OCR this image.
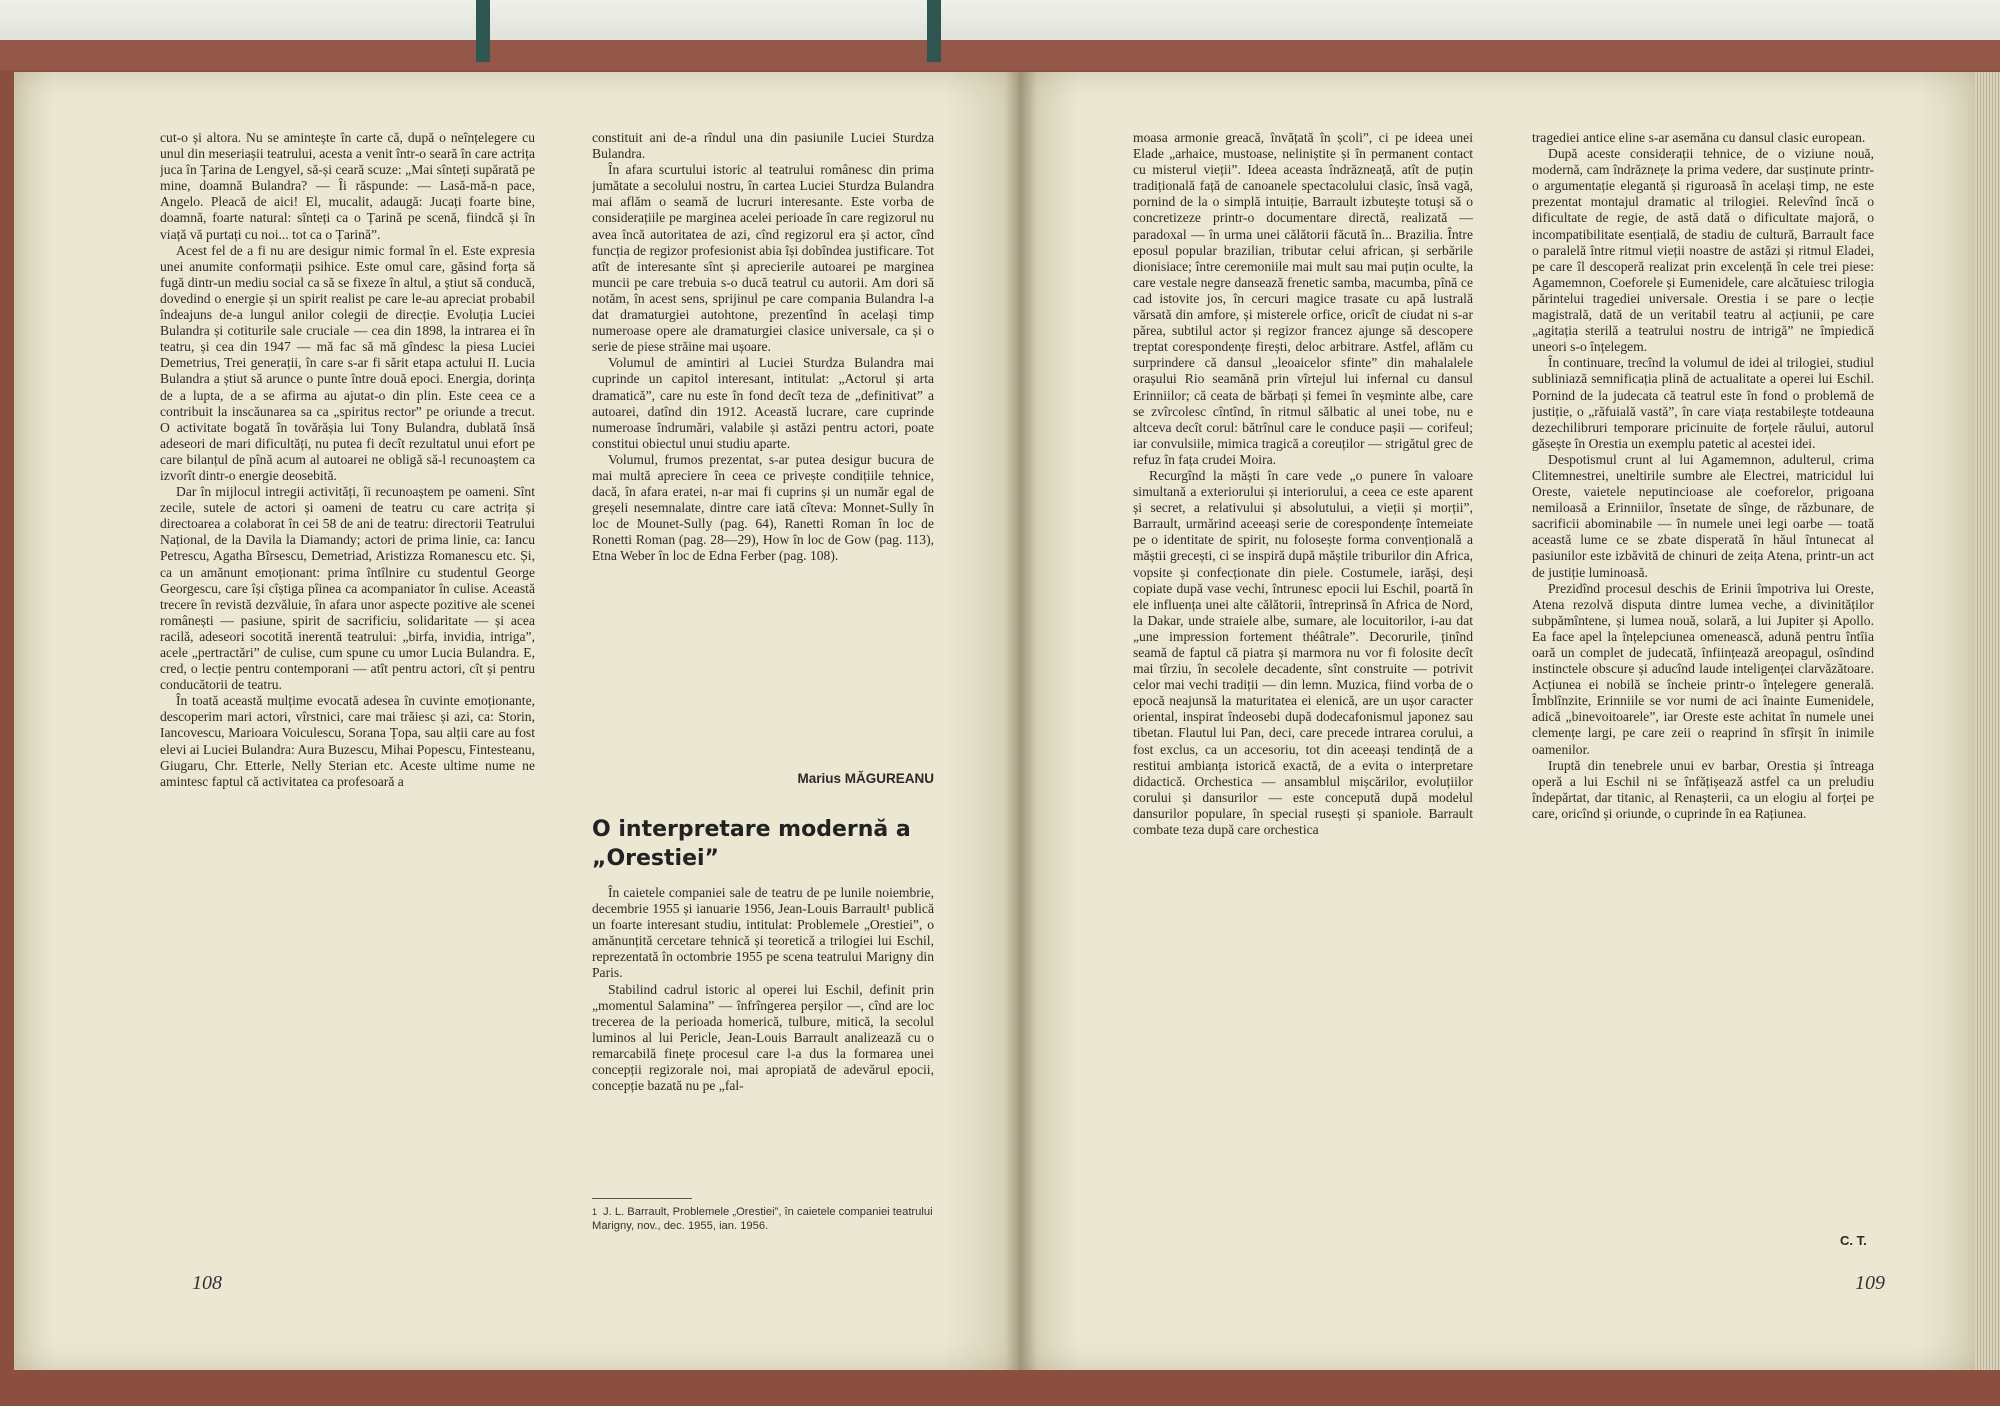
cut-o și altora. Nu se amintește în carte că, după o neînțelegere cu unul din meseriașii teatrului, acesta a venit într-o seară în care actrița juca în Țarina de Lengyel, să-și ceară scuze: „Mai sînteți supărată pe mine, doamnă Bulandra? — Îi răspunde: — Lasă-mă-n pace, Angelo. Pleacă de aici! El, mucalit, adaugă: Jucați foarte bine, doamnă, foarte natural: sînteți ca o Țarină pe scenă, fiindcă și în viață vă purtați cu noi... tot ca o Țarină”.

Acest fel de a fi nu are desigur nimic formal în el. Este expresia unei anumite conformații psihice. Este omul care, găsind forța să fugă dintr-un mediu social ca să se fixeze în altul, a știut să conducă, dovedind o energie și un spirit realist pe care le-au apreciat probabil îndeajuns de-a lungul anilor colegii de direcție. Evoluția Luciei Bulandra și cotiturile sale cruciale — cea din 1898, la intrarea ei în teatru, și cea din 1947 — mă fac să mă gîndesc la piesa Luciei Demetrius, Trei generații, în care s-ar fi sărit etapa actului II. Lucia Bulandra a știut să arunce o punte între două epoci. Energia, dorința de a lupta, de a se afirma au ajutat-o din plin. Este ceea ce a contribuit la inscăunarea sa ca „spiritus rector” pe oriunde a trecut. O activitate bogată în tovărășia lui Tony Bulandra, dublată însă adeseori de mari dificultăți, nu putea fi decît rezultatul unui efort pe care bilanțul de pînă acum al autoarei ne obligă să-l recunoaștem ca izvorît dintr-o energie deosebită.

Dar în mijlocul intregii activități, îi recunoaștem pe oameni. Sînt zecile, sutele de actori și oameni de teatru cu care actrița și directoarea a colaborat în cei 58 de ani de teatru: directorii Teatrului Național, de la Davila la Diamandy; actori de prima linie, ca: Iancu Petrescu, Agatha Bîrsescu, Demetriad, Aristizza Romanescu etc. Și, ca un amănunt emoționant: prima întîlnire cu studentul George Georgescu, care își cîștiga pîinea ca acompaniator în culise. Această trecere în revistă dezvăluie, în afara unor aspecte pozitive ale scenei românești — pasiune, spirit de sacrificiu, solidaritate — și acea racilă, adeseori socotită inerentă teatrului: „birfa, invidia, intriga”, acele „pertractări” de culise, cum spune cu umor Lucia Bulandra. E, cred, o lecție pentru contemporani — atît pentru actori, cît și pentru conducătorii de teatru.

În toată această mulțime evocată adesea în cuvinte emoționante, descoperim mari actori, vîrstnici, care mai trăiesc și azi, ca: Storin, Iancovescu, Marioara Voiculescu, Sorana Țopa, sau alții care au fost elevi ai Luciei Bulandra: Aura Buzescu, Mihai Popescu, Fintesteanu, Giugaru, Chr. Etterle, Nelly Sterian etc. Aceste ultime nume ne amintesc faptul că activitatea ca profesoară a

constituit ani de-a rîndul una din pasiunile Luciei Sturdza Bulandra.

În afara scurtului istoric al teatrului românesc din prima jumătate a secolului nostru, în cartea Luciei Sturdza Bulandra mai aflăm o seamă de lucruri interesante. Este vorba de considerațiile pe marginea acelei perioade în care regizorul nu avea încă autoritatea de azi, cînd regizorul era și actor, cînd funcția de regizor profesionist abia își dobîndea justificare. Tot atît de interesante sînt și aprecierile autoarei pe marginea muncii pe care trebuia s-o ducă teatrul cu autorii. Am dori să notăm, în acest sens, sprijinul pe care compania Bulandra l-a dat dramaturgiei autohtone, prezentînd în același timp numeroase opere ale dramaturgiei clasice universale, ca și o serie de piese străine mai ușoare.

Volumul de amintiri al Luciei Sturdza Bulandra mai cuprinde un capitol interesant, intitulat: „Actorul și arta dramatică”, care nu este în fond decît teza de „definitivat” a autoarei, datînd din 1912. Această lucrare, care cuprinde numeroase îndrumări, valabile și astăzi pentru actori, poate constitui obiectul unui studiu aparte.

Volumul, frumos prezentat, s-ar putea desigur bucura de mai multă apreciere în ceea ce privește condițiile tehnice, dacă, în afara eratei, n-ar mai fi cuprins și un număr egal de greșeli nesemnalate, dintre care iată cîteva: Monnet-Sully în loc de Mounet-Sully (pag. 64), Ranetti Roman în loc de Ronetti Roman (pag. 28—29), How în loc de Gow (pag. 113), Etna Weber în loc de Edna Ferber (pag. 108).

Marius MĂGUREANU
O interpretare modernă a „Orestiei”

În caietele companiei sale de teatru de pe lunile noiembrie, decembrie 1955 și ianuarie 1956, Jean-Louis Barrault¹ publică un foarte interesant studiu, intitulat: Problemele „Orestiei”, o amănunțită cercetare tehnică și teoretică a trilogiei lui Eschil, reprezentată în octombrie 1955 pe scena teatrului Marigny din Paris.

Stabilind cadrul istoric al operei lui Eschil, definit prin „momentul Salamina” — înfrîngerea perșilor —, cînd are loc trecerea de la perioada homerică, tulbure, mitică, la secolul luminos al lui Pericle, Jean-Louis Barrault analizează cu o remarcabilă finețe procesul care l-a dus la formarea unei concepții regizorale noi, mai apropiată de adevărul epocii, concepție bazată nu pe „fal-

$^1$ J. L. Barrault, Problemele „Orestiei”, în caietele companiei teatrului Marigny, nov., dec. 1955, ian. 1956.
108

moasa armonie greacă, învățată în școli”, ci pe ideea unei Elade „arhaice, mustoase, neliniștite și în permanent contact cu misterul vieții”. Ideea aceasta îndrăzneață, atît de puțin tradițională față de canoanele spectacolului clasic, însă vagă, pornind de la o simplă intuiție, Barrault izbutește totuși să o concretizeze printr-o documentare directă, realizată — paradoxal — în urma unei călătorii făcută în... Brazilia. Între eposul popular brazilian, tributar celui african, și serbările dionisiace; între ceremoniile mai mult sau mai puțin oculte, la care vestale negre dansează frenetic samba, macumba, pînă ce cad istovite jos, în cercuri magice trasate cu apă lustrală vărsată din amfore, și misterele orfice, oricît de ciudat ni s-ar părea, subtilul actor și regizor francez ajunge să descopere treptat corespondențe firești, deloc arbitrare. Astfel, aflăm cu surprindere că dansul „leoaicelor sfinte” din mahalalele orașului Rio seamănă prin vîrtejul lui infernal cu dansul Erinniilor; că ceata de bărbați și femei în veșminte albe, care se zvîrcolesc cîntînd, în ritmul sălbatic al unei tobe, nu e altceva decît corul: bătrînul care le conduce pașii — corifeul; iar convulsiile, mimica tragică a coreuților — strigătul grec de refuz în fața crudei Moira.

Recurgînd la măști în care vede „o punere în valoare simultană a exteriorului și interiorului, a ceea ce este aparent și secret, a relativului și absolutului, a vieții și morții”, Barrault, urmărind aceeași serie de corespondențe întemeiate pe o identitate de spirit, nu folosește forma convențională a măștii grecești, ci se inspiră după măștile triburilor din Africa, vopsite și confecționate din piele. Costumele, iarăși, deși copiate după vase vechi, întrunesc epocii lui Eschil, poartă în ele influența unei alte călătorii, întreprinsă în Africa de Nord, la Dakar, unde straiele albe, sumare, ale locuitorilor, i-au dat „une impression fortement théâtrale”. Decorurile, ținînd seamă de faptul că piatra și marmora nu vor fi folosite decît mai tîrziu, în secolele decadente, sînt construite — potrivit celor mai vechi tradiții — din lemn. Muzica, fiind vorba de o epocă neajunsă la maturitatea ei elenică, are un ușor caracter oriental, inspirat îndeosebi după dodecafonismul japonez sau tibetan. Flautul lui Pan, deci, care precede intrarea corului, a fost exclus, ca un accesoriu, tot din aceeași tendință de a restitui ambianța istorică exactă, de a evita o interpretare didactică. Orchestica — ansamblul mișcărilor, evoluțiilor corului și dansurilor — este concepută după modelul dansurilor populare, în special rusești și spaniole. Barrault combate teza după care orchestica

tragediei antice eline s-ar asemăna cu dansul clasic european.

După aceste considerații tehnice, de o viziune nouă, modernă, cam îndrăznețe la prima vedere, dar susținute printr-o argumentație elegantă și riguroasă în același timp, ne este prezentat montajul dramatic al trilogiei. Relevînd încă o dificultate de regie, de astă dată o dificultate majoră, o incompatibilitate esențială, de stadiu de cultură, Barrault face o paralelă între ritmul vieții noastre de astăzi și ritmul Eladei, pe care îl descoperă realizat prin excelență în cele trei piese: Agamemnon, Coeforele și Eumenidele, care alcătuiesc trilogia părintelui tragediei universale. Orestia i se pare o lecție magistrală, dată de un veritabil teatru al acțiunii, pe care „agitația sterilă a teatrului nostru de intrigă” ne împiedică uneori s-o înțelegem.

În continuare, trecînd la volumul de idei al trilogiei, studiul subliniază semnificația plină de actualitate a operei lui Eschil. Pornind de la judecata că teatrul este în fond o problemă de justiție, o „răfuială vastă”, în care viața restabilește totdeauna dezechilibruri temporare pricinuite de forțele răului, autorul găsește în Orestia un exemplu patetic al acestei idei.

Despotismul crunt al lui Agamemnon, adulterul, crima Clitemnestrei, uneltirile sumbre ale Electrei, matricidul lui Oreste, vaietele neputincioase ale coeforelor, prigoana nemiloasă a Erinniilor, însetate de sînge, de răzbunare, de sacrificii abominabile — în numele unei legi oarbe — toată această lume ce se zbate disperată în hăul întunecat al pasiunilor este izbăvită de chinuri de zeița Atena, printr-un act de justiție luminoasă.

Prezidînd procesul deschis de Erinii împotriva lui Oreste, Atena rezolvă disputa dintre lumea veche, a divinităților subpămîntene, și lumea nouă, solară, a lui Jupiter și Apollo. Ea face apel la înțelepciunea omenească, adună pentru întîia oară un complet de judecată, înființează areopagul, osîndind instinctele obscure și aducînd laude inteligenței clarvăzătoare. Acțiunea ei nobilă se încheie printr-o înțelegere generală. Îmblînzite, Erinniile se vor numi de aci înainte Eumenidele, adică „binevoitoarele”, iar Oreste este achitat în numele unei clemențe largi, pe care zeii o reaprind în sfîrșit în inimile oamenilor.

Iruptă din tenebrele unui ev barbar, Orestia și întreaga operă a lui Eschil ni se înfățișează astfel ca un preludiu îndepărtat, dar titanic, al Renașterii, ca un elogiu al forței pe care, oricînd și oriunde, o cuprinde în ea Rațiunea.

C. T.
109
